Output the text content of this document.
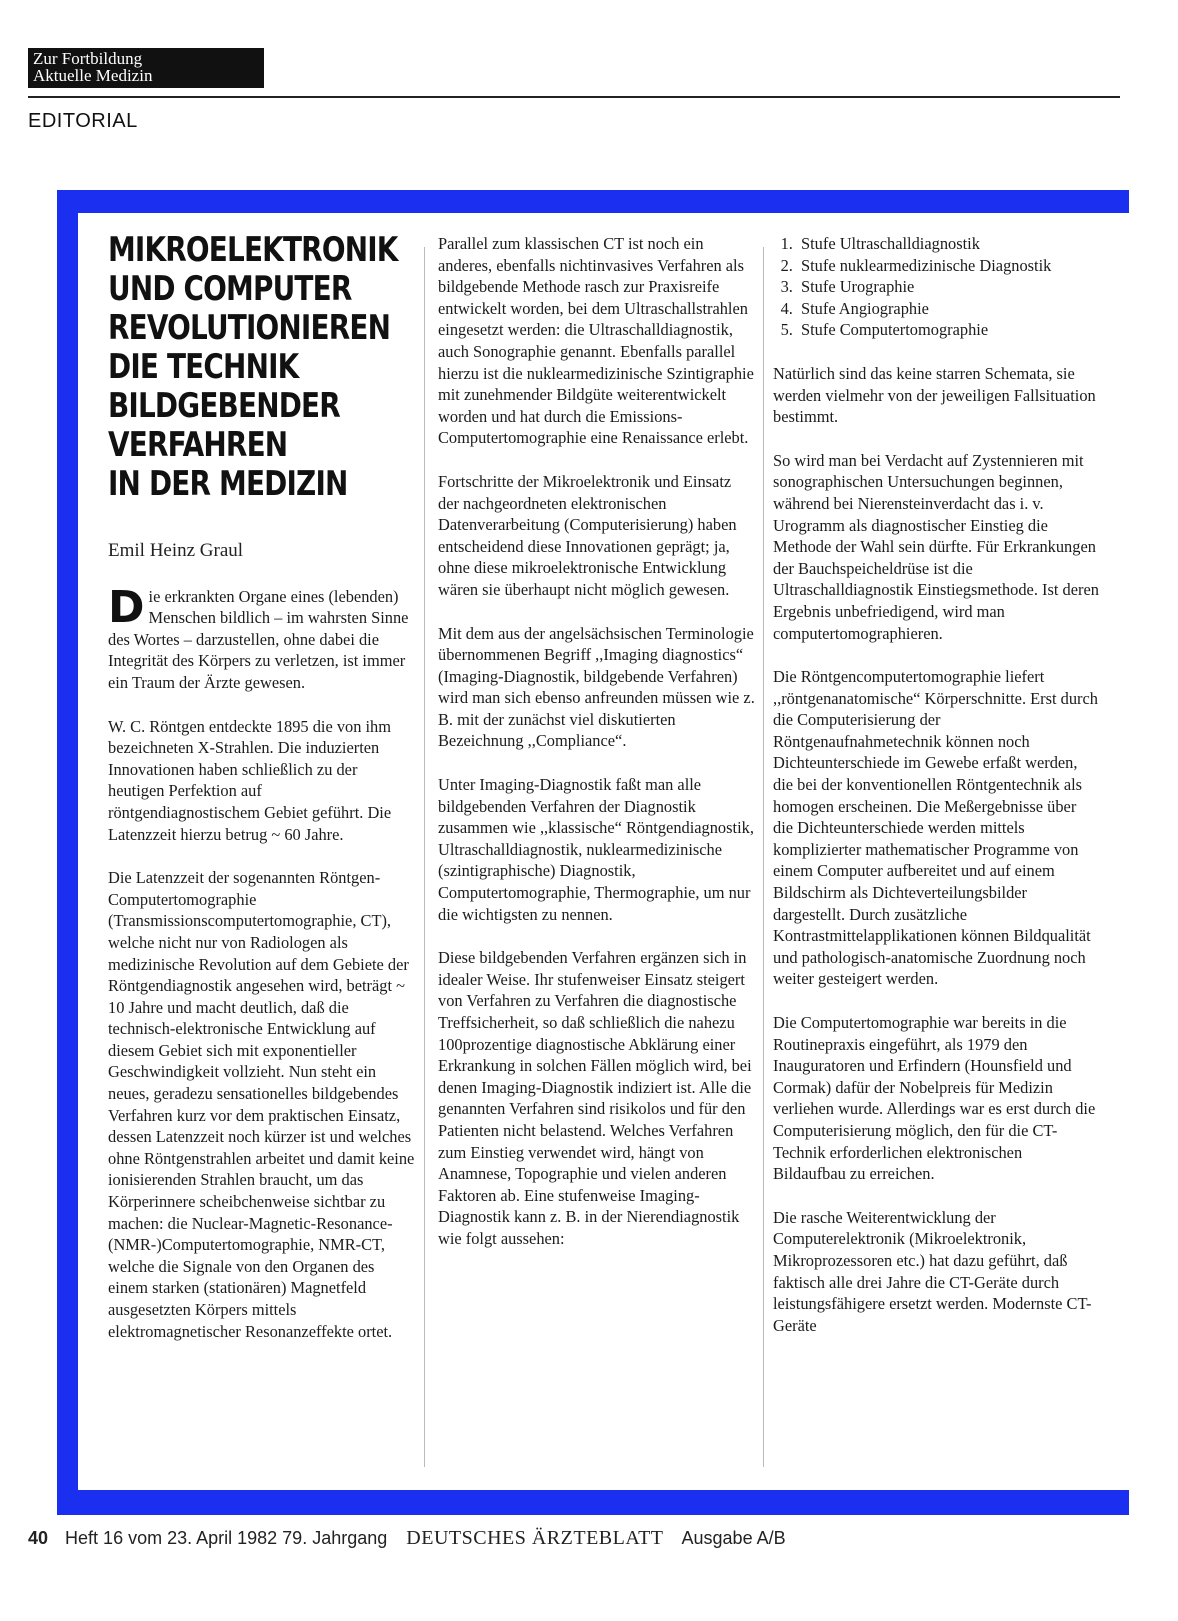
Zur Fortbildung
Aktuelle Medizin
EDITORIAL
MIKROELEKTRONIK
UND COMPUTER
REVOLUTIONIEREN
DIE TECHNIK
BILDGEBENDER
VERFAHREN
IN DER MEDIZIN
Emil Heinz Graul

Die erkrankten Organe eines (lebenden) Menschen bildlich – im wahrsten Sinne des Wortes – darzustellen, ohne dabei die Integrität des Körpers zu verletzen, ist immer ein Traum der Ärzte gewesen.

W. C. Röntgen entdeckte 1895 die von ihm bezeichneten X-Strahlen. Die induzierten Innovationen haben schließlich zu der heutigen Perfektion auf röntgendiagnostischem Gebiet geführt. Die Latenzzeit hierzu betrug ~ 60 Jahre.

Die Latenzzeit der sogenannten Röntgen-Computertomographie (Transmissionscomputertomographie, CT), welche nicht nur von Radiologen als medizinische Revolution auf dem Gebiete der Röntgendiagnostik angesehen wird, beträgt ~ 10 Jahre und macht deutlich, daß die technisch-elektronische Entwicklung auf diesem Gebiet sich mit exponentieller Geschwindigkeit vollzieht. Nun steht ein neues, geradezu sensationelles bildgebendes Verfahren kurz vor dem praktischen Einsatz, dessen Latenzzeit noch kürzer ist und welches ohne Röntgenstrahlen arbeitet und damit keine ionisierenden Strahlen braucht, um das Körperinnere scheibchenweise sichtbar zu machen: die Nuclear-Magnetic-Resonance-(NMR-)Computertomographie, NMR-CT, welche die Signale von den Organen des einem starken (stationären) Magnetfeld ausgesetzten Körpers mittels elektromagnetischer Resonanzeffekte ortet.

Parallel zum klassischen CT ist noch ein anderes, ebenfalls nichtinvasives Verfahren als bildgebende Methode rasch zur Praxisreife entwickelt worden, bei dem Ultraschallstrahlen eingesetzt werden: die Ultraschalldiagnostik, auch Sonographie genannt. Ebenfalls parallel hierzu ist die nuklearmedizinische Szintigraphie mit zunehmender Bildgüte weiterentwickelt worden und hat durch die Emissions-Computertomographie eine Renaissance erlebt.

Fortschritte der Mikroelektronik und Einsatz der nachgeordneten elektronischen Datenverarbeitung (Computerisierung) haben entscheidend diese Innovationen geprägt; ja, ohne diese mikroelektronische Entwicklung wären sie überhaupt nicht möglich gewesen.

Mit dem aus der angelsächsischen Terminologie übernommenen Begriff ,,Imaging diagnostics“ (Imaging-Diagnostik, bildgebende Verfahren) wird man sich ebenso anfreunden müssen wie z. B. mit der zunächst viel diskutierten Bezeichnung ,,Compliance“.

Unter Imaging-Diagnostik faßt man alle bildgebenden Verfahren der Diagnostik zusammen wie ,,klassische“ Röntgendiagnostik, Ultraschalldiagnostik, nuklearmedizinische (szintigraphische) Diagnostik, Computertomographie, Thermographie, um nur die wichtigsten zu nennen.

Diese bildgebenden Verfahren ergänzen sich in idealer Weise. Ihr stufenweiser Einsatz steigert von Verfahren zu Verfahren die diagnostische Treffsicherheit, so daß schließlich die nahezu 100prozentige diagnostische Abklärung einer Erkrankung in solchen Fällen möglich wird, bei denen Imaging-Diagnostik indiziert ist. Alle die genannten Verfahren sind risikolos und für den Patienten nicht belastend. Welches Verfahren zum Einstieg verwendet wird, hängt von Anamnese, Topographie und vielen anderen Faktoren ab. Eine stufenweise Imaging-Diagnostik kann z. B. in der Nierendiagnostik wie folgt aussehen:

1. Stufe Ultraschalldiagnostik
2. Stufe nuklearmedizinische Diagnostik
3. Stufe Urographie
4. Stufe Angiographie
5. Stufe Computertomographie

Natürlich sind das keine starren Schemata, sie werden vielmehr von der jeweiligen Fallsituation bestimmt.

So wird man bei Verdacht auf Zystennieren mit sonographischen Untersuchungen beginnen, während bei Nierensteinverdacht das i. v. Urogramm als diagnostischer Einstieg die Methode der Wahl sein dürfte. Für Erkrankungen der Bauchspeicheldrüse ist die Ultraschalldiagnostik Einstiegsmethode. Ist deren Ergebnis unbefriedigend, wird man computertomographieren.

Die Röntgencomputertomographie liefert ,,röntgenanatomische“ Körperschnitte. Erst durch die Computerisierung der Röntgenaufnahmetechnik können noch Dichteunterschiede im Gewebe erfaßt werden, die bei der konventionellen Röntgentechnik als homogen erscheinen. Die Meßergebnisse über die Dichteunterschiede werden mittels komplizierter mathematischer Programme von einem Computer aufbereitet und auf einem Bildschirm als Dichteverteilungsbilder dargestellt. Durch zusätzliche Kontrastmittelapplikationen können Bildqualität und pathologisch-anatomische Zuordnung noch weiter gesteigert werden.

Die Computertomographie war bereits in die Routinepraxis eingeführt, als 1979 den Inauguratoren und Erfindern (Hounsfield und Cormak) dafür der Nobelpreis für Medizin verliehen wurde. Allerdings war es erst durch die Computerisierung möglich, den für die CT-Technik erforderlichen elektronischen Bildaufbau zu erreichen.

Die rasche Weiterentwicklung der Computerelektronik (Mikroelektronik, Mikroprozessoren etc.) hat dazu geführt, daß faktisch alle drei Jahre die CT-Geräte durch leistungsfähigere ersetzt werden. Modernste CT-Geräte

40 Heft 16 vom 23. April 1982 79. Jahrgang DEUTSCHES ÄRZTEBLATT Ausgabe A/B
